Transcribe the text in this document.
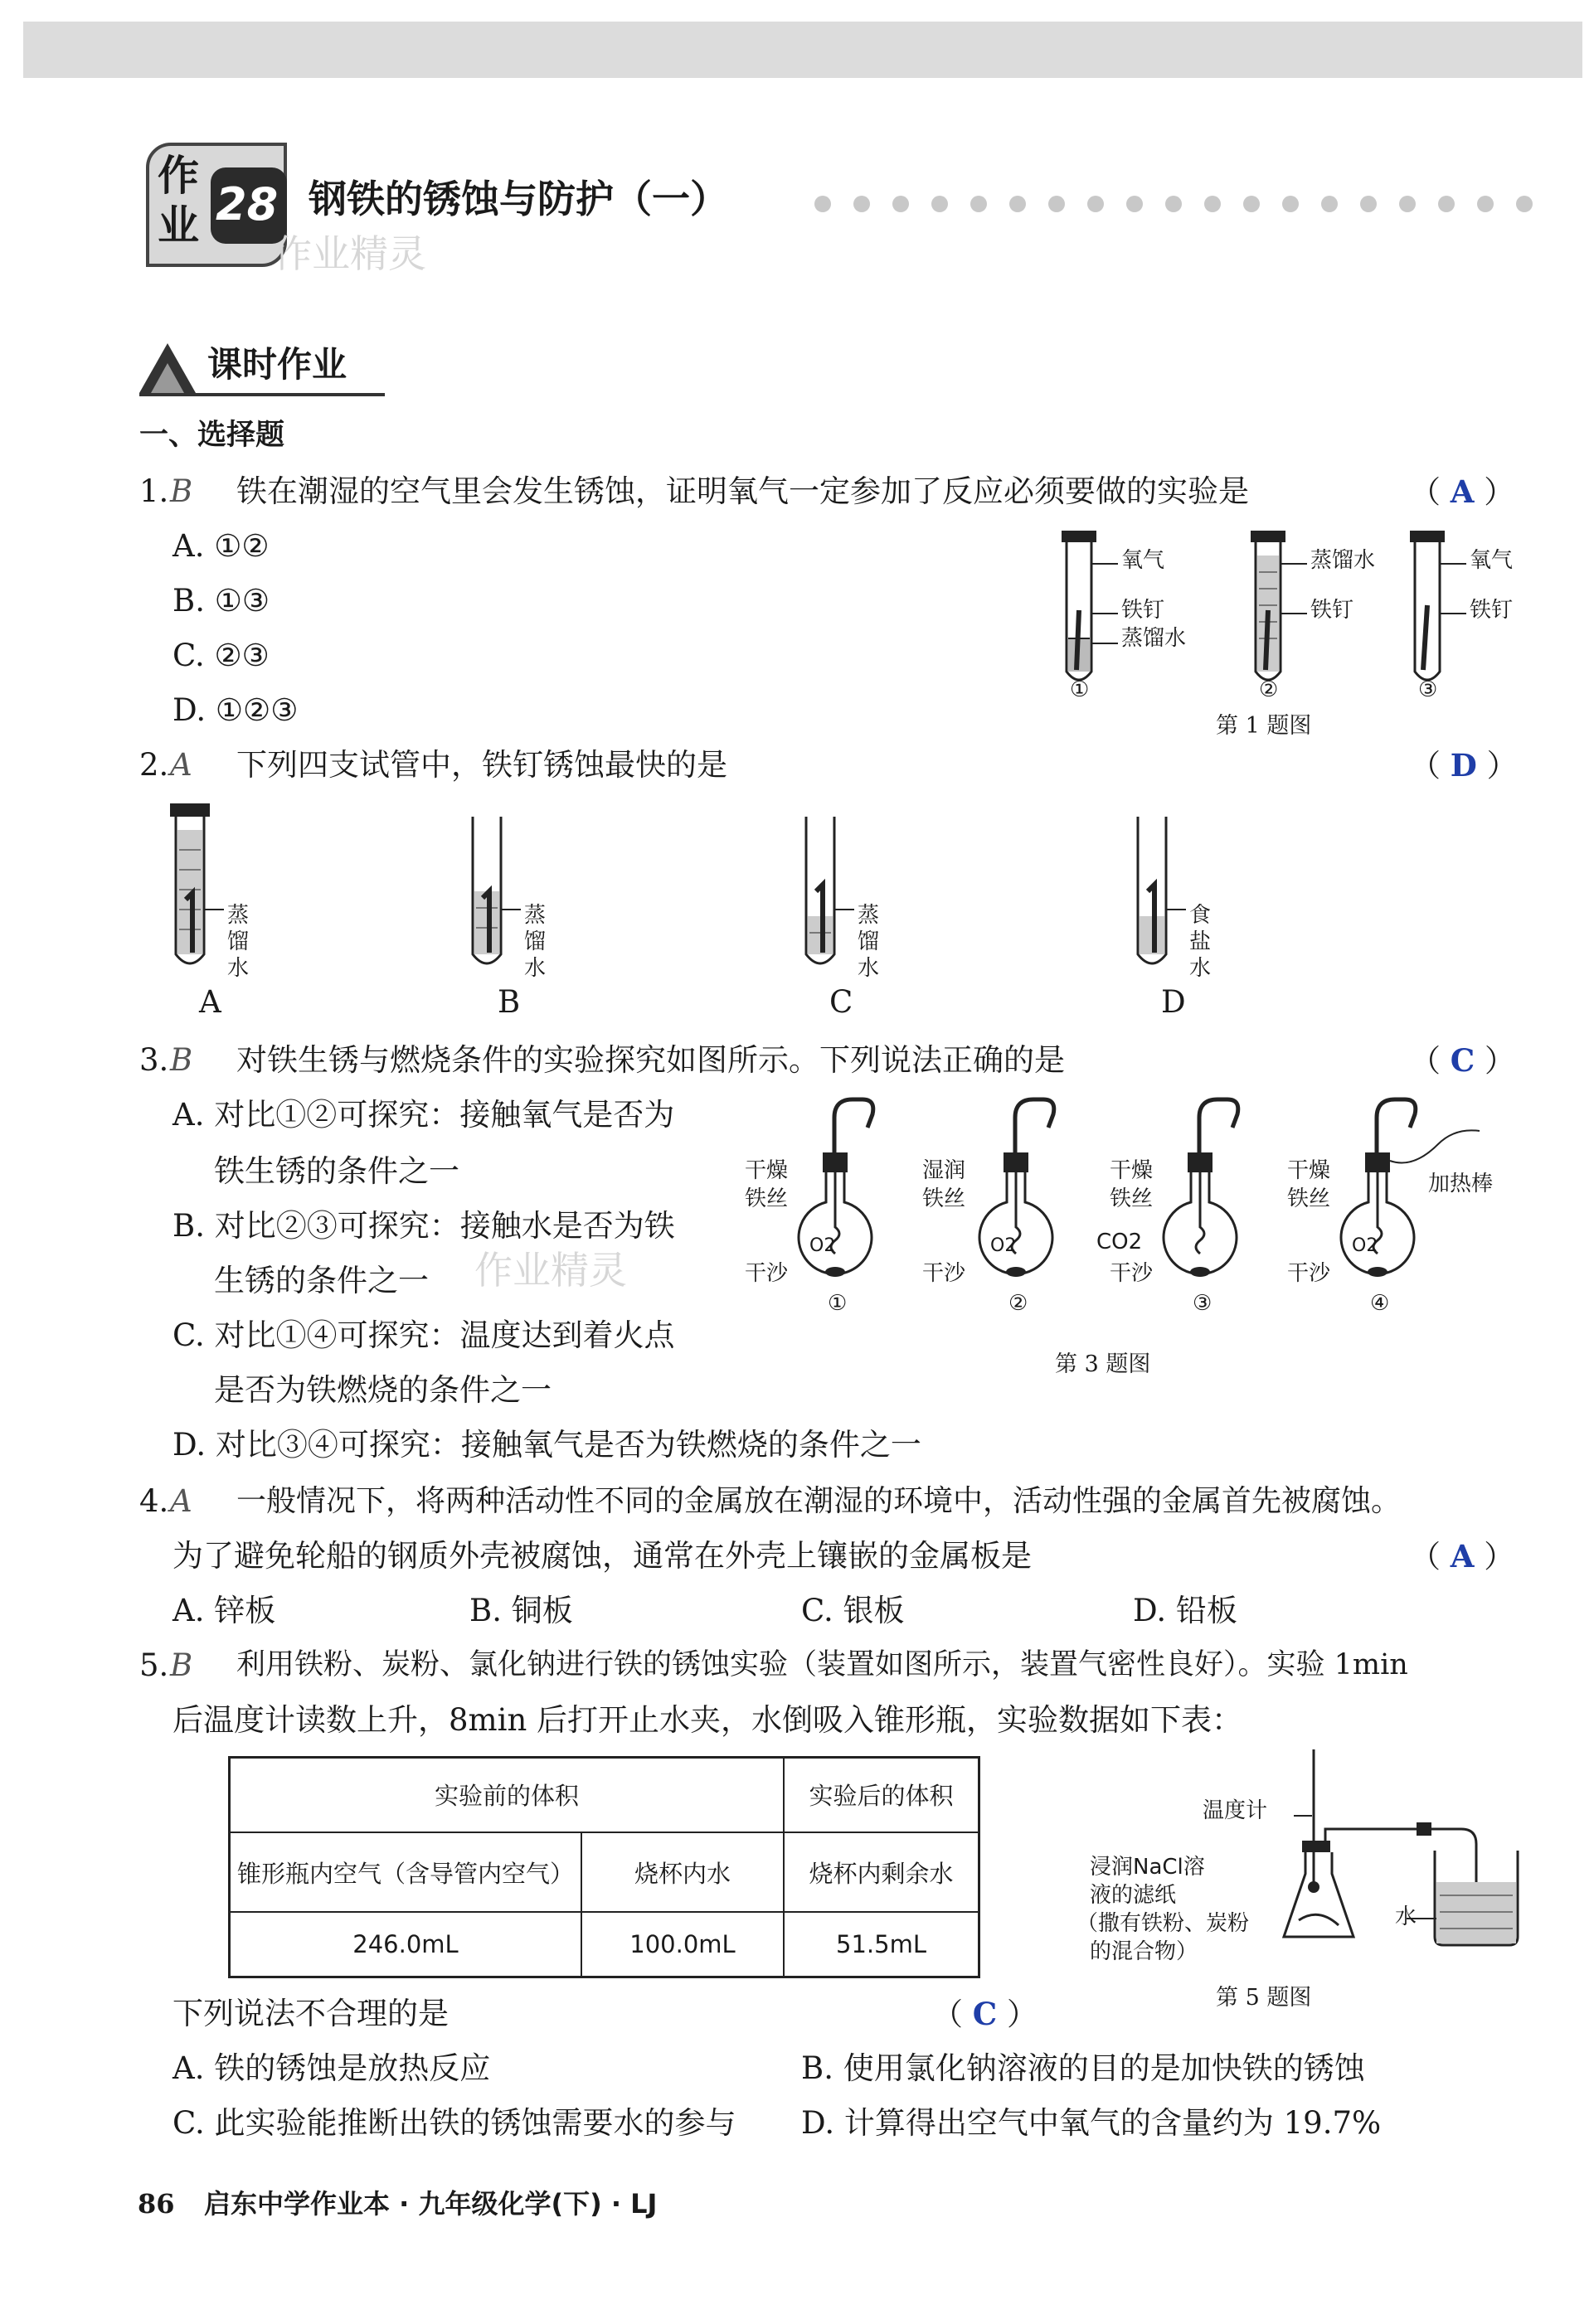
作
业 28 钢铁的锈蚀与防护（一）
作业精灵
课时作业
一、选择题
1. B 铁在潮湿的空气里会发生锈蚀，证明氧气一定参加了反应必须要做的实验是	（ A ）
A. ①②
B. ①③
C. ②③
D. ①②③
氧气
铁钉
蒸馏水
蒸馏水
铁钉
氧气
铁钉
①	②	③
第 1 题图
2. A 下列四支试管中，铁钉锈蚀最快的是	（ D ）
蒸
馏
水
蒸
馏
水
蒸
馏
水
食
盐
水
A	B	C	D
3. B 对铁生锈与燃烧条件的实验探究如图所示。下列说法正确的是	（ C ）
A. 对比①②可探究：接触氧气是否为
铁生锈的条件之一
B. 对比②③可探究：接触水是否为铁
生锈的条件之一
C. 对比①④可探究：温度达到着火点
是否为铁燃烧的条件之一
D. 对比③④可探究：接触氧气是否为铁燃烧的条件之一
作业精灵
干燥
铁丝
O2
干沙
①
湿润
铁丝
O2
干沙
②
干燥
铁丝
CO2
干沙
③
干燥
铁丝
加热棒
O2
干沙
④
第 3 题图
4. A 一般情况下，将两种活动性不同的金属放在潮湿的环境中，活动性强的金属首先被腐蚀。
为了避免轮船的钢质外壳被腐蚀，通常在外壳上镶嵌的金属板是	（ A ）
A. 锌板	B. 铜板	C. 银板	D. 铅板
5. B 利用铁粉、炭粉、氯化钠进行铁的锈蚀实验（装置如图所示，装置气密性良好）。实验 1min
后温度计读数上升，8min 后打开止水夹，水倒吸入锥形瓶，实验数据如下表：
实验前的体积		实验后的体积
锥形瓶内空气（含导管内空气）	烧杯内水	烧杯内剩余水
246.0mL	100.0mL	51.5mL
温度计
浸润NaCl溶
液的滤纸
（撒有铁粉、炭粉
的混合物）
水
第 5 题图
下列说法不合理的是	（ C ）
A. 铁的锈蚀是放热反应	B. 使用氯化钠溶液的目的是加快铁的锈蚀
C. 此实验能推断出铁的锈蚀需要水的参与 D. 计算得出空气中氧气的含量约为 19.7%
86 启东中学作业本 · 九年级化学(下) · LJ
